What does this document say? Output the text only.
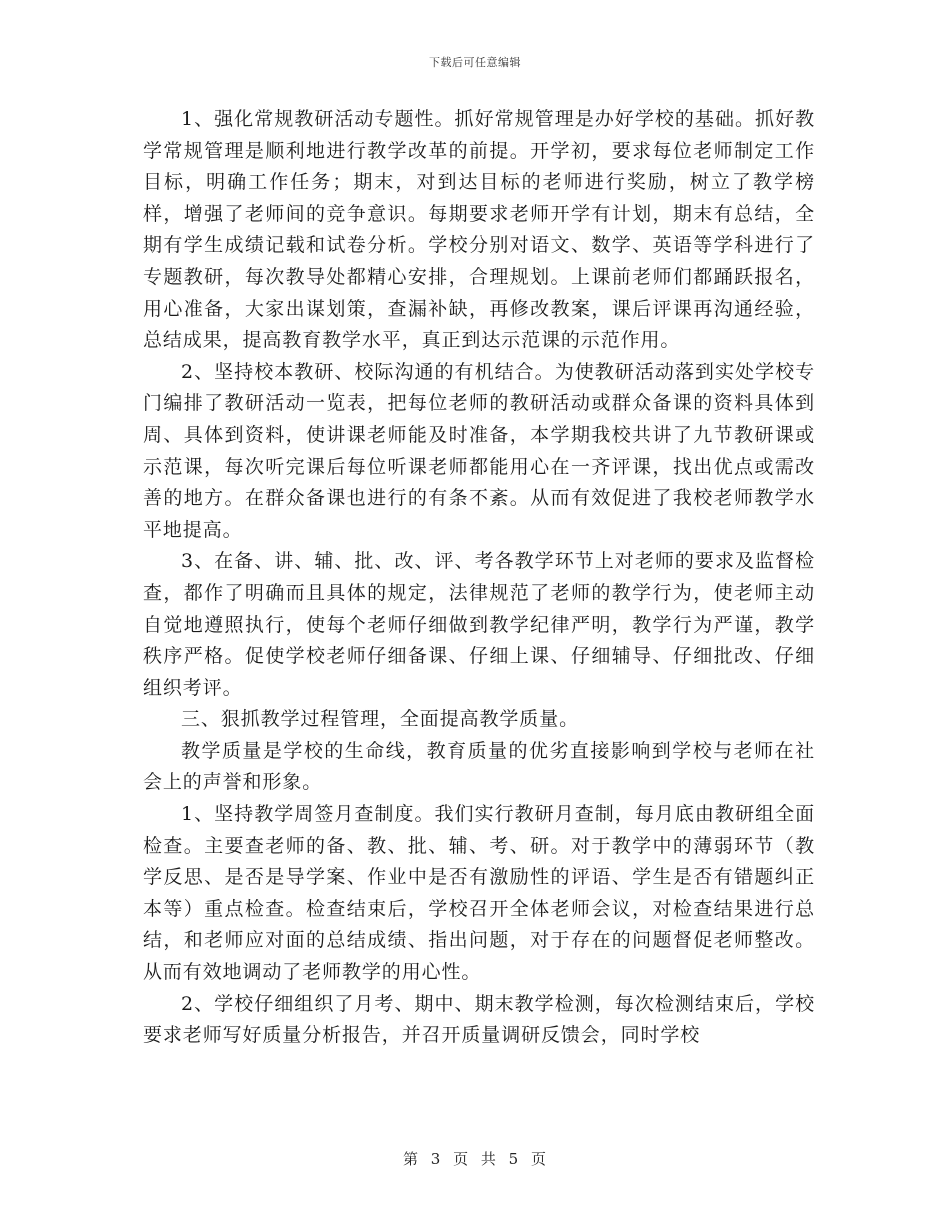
下载后可任意编辑

1、强化常规教研活动专题性。抓好常规管理是办好学校的基础。抓好教学常规管理是顺利地进行教学改革的前提。开学初，要求每位老师制定工作目标，明确工作任务；期末，对到达目标的老师进行奖励，树立了教学榜样，增强了老师间的竞争意识。每期要求老师开学有计划，期末有总结，全期有学生成绩记载和试卷分析。学校分别对语文、数学、英语等学科进行了专题教研，每次教导处都精心安排，合理规划。上课前老师们都踊跃报名，用心准备，大家出谋划策，查漏补缺，再修改教案，课后评课再沟通经验，总结成果，提高教育教学水平，真正到达示范课的示范作用。

2、坚持校本教研、校际沟通的有机结合。为使教研活动落到实处学校专门编排了教研活动一览表，把每位老师的教研活动或群众备课的资料具体到周、具体到资料，使讲课老师能及时准备，本学期我校共讲了九节教研课或示范课，每次听完课后每位听课老师都能用心在一齐评课，找出优点或需改善的地方。在群众备课也进行的有条不紊。从而有效促进了我校老师教学水平地提高。

3、在备、讲、辅、批、改、评、考各教学环节上对老师的要求及监督检查，都作了明确而且具体的规定，法律规范了老师的教学行为，使老师主动自觉地遵照执行，使每个老师仔细做到教学纪律严明，教学行为严谨，教学秩序严格。促使学校老师仔细备课、仔细上课、仔细辅导、仔细批改、仔细组织考评。

三、狠抓教学过程管理，全面提高教学质量。

教学质量是学校的生命线，教育质量的优劣直接影响到学校与老师在社会上的声誉和形象。

1、坚持教学周签月查制度。我们实行教研月查制，每月底由教研组全面检查。主要查老师的备、教、批、辅、考、研。对于教学中的薄弱环节（教学反思、是否是导学案、作业中是否有激励性的评语、学生是否有错题纠正本等）重点检查。检查结束后，学校召开全体老师会议，对检查结果进行总结，和老师应对面的总结成绩、指出问题，对于存在的问题督促老师整改。从而有效地调动了老师教学的用心性。

2、学校仔细组织了月考、期中、期末教学检测，每次检测结束后，学校要求老师写好质量分析报告，并召开质量调研反馈会，同时学校

第 3 页 共 5 页
